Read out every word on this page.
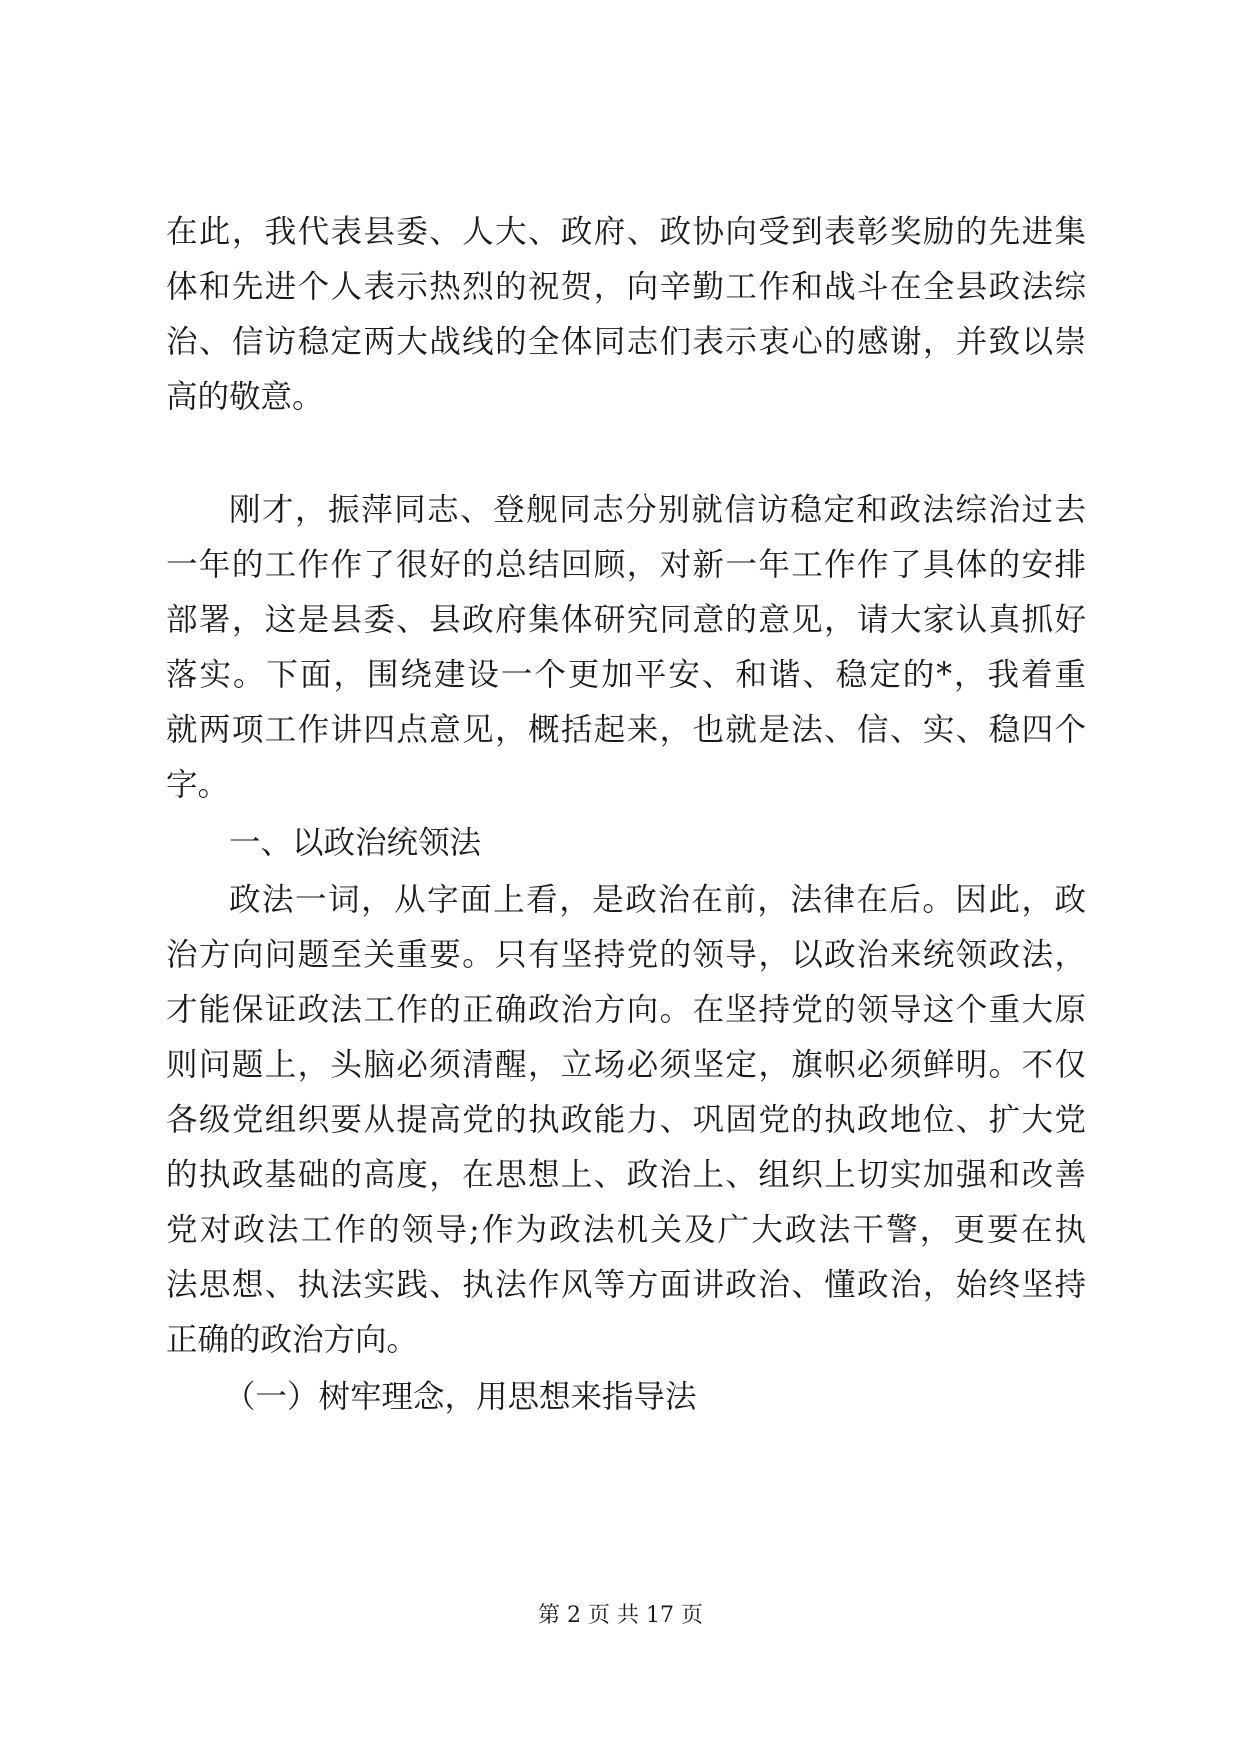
在此，我代表县委、人大、政府、政协向受到表彰奖励的先进集
体和先进个人表示热烈的祝贺，向辛勤工作和战斗在全县政法综
治、信访稳定两大战线的全体同志们表示衷心的感谢，并致以崇
高的敬意。
刚才，振萍同志、登舰同志分别就信访稳定和政法综治过去
一年的工作作了很好的总结回顾，对新一年工作作了具体的安排
部署，这是县委、县政府集体研究同意的意见，请大家认真抓好
落实。下面，围绕建设一个更加平安、和谐、稳定的*，我着重
就两项工作讲四点意见，概括起来，也就是法、信、实、稳四个
字。
一、以政治统领法
政法一词，从字面上看，是政治在前，法律在后。因此，政
治方向问题至关重要。只有坚持党的领导，以政治来统领政法，
才能保证政法工作的正确政治方向。在坚持党的领导这个重大原
则问题上，头脑必须清醒，立场必须坚定，旗帜必须鲜明。不仅
各级党组织要从提高党的执政能力、巩固党的执政地位、扩大党
的执政基础的高度，在思想上、政治上、组织上切实加强和改善
党对政法工作的领导;作为政法机关及广大政法干警，更要在执
法思想、执法实践、执法作风等方面讲政治、懂政治，始终坚持
正确的政治方向。
（一）树牢理念，用思想来指导法
第 2 页 共 17 页
